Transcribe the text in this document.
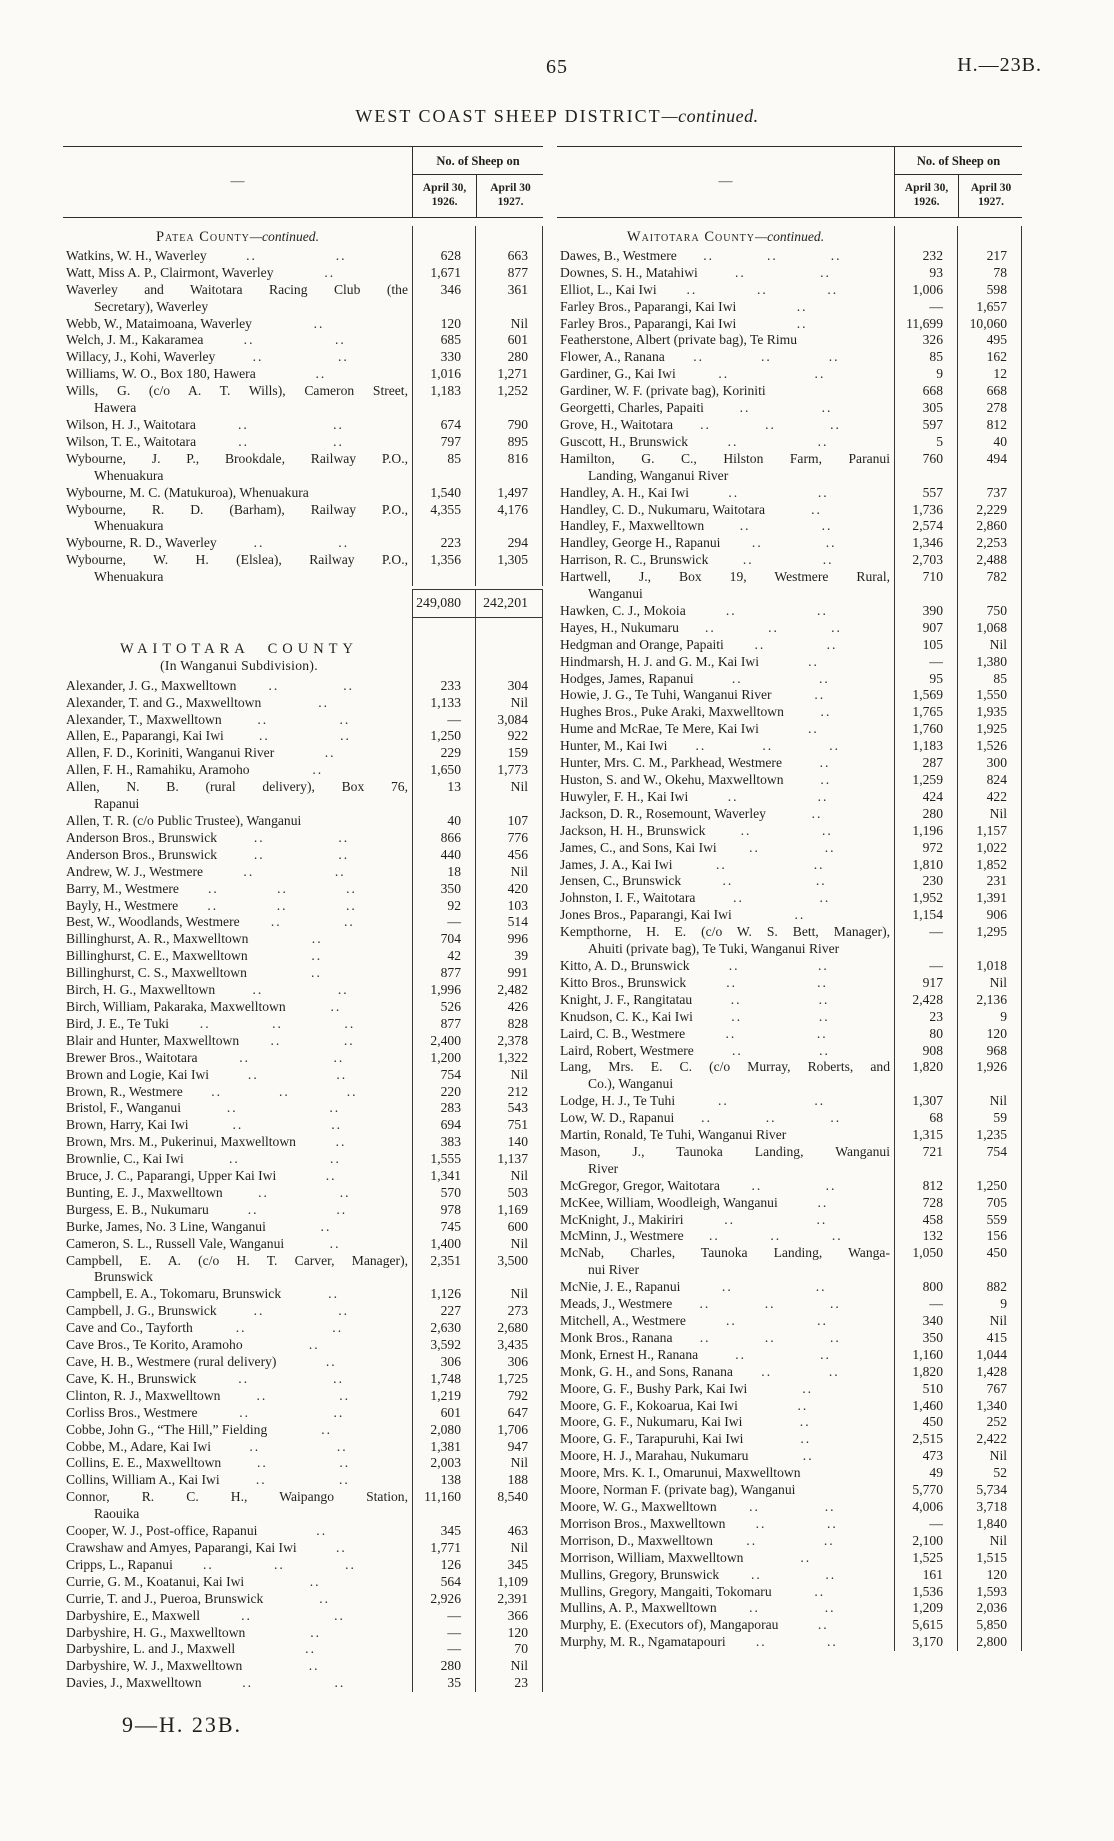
65	H.—23B.
WEST COAST SHEEP DISTRICT—continued.
—
No. of Sheep on
April 30,
1926.
April 30
1927.
Patea County—continued.
Watkins, W. H., Waverley	..	..	628	663
Watt, Miss A. P., Clairmont, Waverley	..	1,671	877
Waverley and Waitotara Racing Club (the
Secretary), Waverley
346	361
Webb, W., Mataimoana, Waverley	..	120	Nil
Welch, J. M., Kakaramea	..	..	685	601
Willacy, J., Kohi, Waverley	..	..	330	280
Williams, W. O., Box 180, Hawera	..	1,016	1,271
Wills, G. (c/o A. T. Wills), Cameron Street,
Hawera
1,183	1,252
Wilson, H. J., Waitotara	..	..	674	790
Wilson, T. E., Waitotara	..	..	797	895
Wybourne, J. P., Brookdale, Railway P.O.,
Whenuakura
85	816
Wybourne, M. C. (Matukuroa), Whenuakura	1,540	1,497
Wybourne, R. D. (Barham), Railway P.O.,
Whenuakura
4,355	4,176
Wybourne, R. D., Waverley	..	..	223	294
Wybourne, W. H. (Elslea), Railway P.O.,
Whenuakura
1,356	1,305
249,080	242,201
WAITOTARA COUNTY
(In Wanganui Subdivision).
Alexander, J. G., Maxwelltown	..	..	233	304
Alexander, T. and G., Maxwelltown	..	1,133	Nil
Alexander, T., Maxwelltown	..	..	—	3,084
Allen, E., Paparangi, Kai Iwi	..	..	1,250	922
Allen, F. D., Koriniti, Wanganui River	..	229	159
Allen, F. H., Ramahiku, Aramoho	..	1,650	1,773
Allen, N. B. (rural delivery), Box 76,
Rapanui
13	Nil
Allen, T. R. (c/o Public Trustee), Wanganui	40	107
Anderson Bros., Brunswick	..	..	866	776
Anderson Bros., Brunswick	..	..	440	456
Andrew, W. J., Westmere	..	..	18	Nil
Barry, M., Westmere	..	..	..	350	420
Bayly, H., Westmere	..	..	..	92	103
Best, W., Woodlands, Westmere	..	..	—	514
Billinghurst, A. R., Maxwelltown	..	704	996
Billinghurst, C. E., Maxwelltown	..	42	39
Billinghurst, C. S., Maxwelltown	..	877	991
Birch, H. G., Maxwelltown	..	..	1,996	2,482
Birch, William, Pakaraka, Maxwelltown	..	526	426
Bird, J. E., Te Tuki	..	..	..	877	828
Blair and Hunter, Maxwelltown	..	..	2,400	2,378
Brewer Bros., Waitotara	..	..	1,200	1,322
Brown and Logie, Kai Iwi	..	..	754	Nil
Brown, R., Westmere	..	..	..	220	212
Bristol, F., Wanganui	..	..	283	543
Brown, Harry, Kai Iwi	..	..	694	751
Brown, Mrs. M., Pukerinui, Maxwelltown	..	383	140
Brownlie, C., Kai Iwi	..	..	1,555	1,137
Bruce, J. C., Paparangi, Upper Kai Iwi	..	1,341	Nil
Bunting, E. J., Maxwelltown	..	..	570	503
Burgess, E. B., Nukumaru	..	..	978	1,169
Burke, James, No. 3 Line, Wanganui	..	745	600
Cameron, S. L., Russell Vale, Wanganui	..	1,400	Nil
Campbell, E. A. (c/o H. T. Carver, Manager),
Brunswick
2,351	3,500
Campbell, E. A., Tokomaru, Brunswick	..	1,126	Nil
Campbell, J. G., Brunswick	..	..	227	273
Cave and Co., Tayforth	..	..	2,630	2,680
Cave Bros., Te Korito, Aramoho	..	3,592	3,435
Cave, H. B., Westmere (rural delivery)	..	306	306
Cave, K. H., Brunswick	..	..	1,748	1,725
Clinton, R. J., Maxwelltown	..	..	1,219	792
Corliss Bros., Westmere	..	..	601	647
Cobbe, John G., “The Hill,” Fielding	..	2,080	1,706
Cobbe, M., Adare, Kai Iwi	..	..	1,381	947
Collins, E. E., Maxwelltown	..	..	2,003	Nil
Collins, William A., Kai Iwi	..	..	138	188
Connor, R. C. H., Waipango Station,
Raouika
11,160	8,540
Cooper, W. J., Post-office, Rapanui	..	345	463
Crawshaw and Amyes, Paparangi, Kai Iwi	..	1,771	Nil
Cripps, L., Rapanui	..	..	..	126	345
Currie, G. M., Koatanui, Kai Iwi	..	564	1,109
Currie, T. and J., Pueroa, Brunswick	..	2,926	2,391
Darbyshire, E., Maxwell	..	..	—	366
Darbyshire, H. G., Maxwelltown	..	—	120
Darbyshire, L. and J., Maxwell	..	—	70
Darbyshire, W. J., Maxwelltown	..	280	Nil
Davies, J., Maxwelltown	..	..	35	23
—
No. of Sheep on
April 30,
1926.
April 30
1927.
Waitotara County—continued.
Dawes, B., Westmere	..	..	..	232	217
Downes, S. H., Matahiwi	..	..	93	78
Elliot, L., Kai Iwi	..	..	..	1,006	598
Farley Bros., Paparangi, Kai Iwi	..	—	1,657
Farley Bros., Paparangi, Kai Iwi	..	11,699	10,060
Featherstone, Albert (private bag), Te Rimu	326	495
Flower, A., Ranana	..	..	..	85	162
Gardiner, G., Kai Iwi	..	..	9	12
Gardiner, W. F. (private bag), Koriniti	668	668
Georgetti, Charles, Papaiti	..	..	305	278
Grove, H., Waitotara	..	..	..	597	812
Guscott, H., Brunswick	..	..	5	40
Hamilton, G. C., Hilston Farm, Paranui
Landing, Wanganui River
760	494
Handley, A. H., Kai Iwi	..	..	557	737
Handley, C. D., Nukumaru, Waitotara	..	1,736	2,229
Handley, F., Maxwelltown	..	..	2,574	2,860
Handley, George H., Rapanui	..	..	1,346	2,253
Harrison, R. C., Brunswick	..	..	2,703	2,488
Hartwell, J., Box 19, Westmere Rural,
Wanganui
710	782
Hawken, C. J., Mokoia	..	..	390	750
Hayes, H., Nukumaru	..	..	..	907	1,068
Hedgman and Orange, Papaiti	..	..	105	Nil
Hindmarsh, H. J. and G. M., Kai Iwi	..	—	1,380
Hodges, James, Rapanui	..	..	95	85
Howie, J. G., Te Tuhi, Wanganui River	..	1,569	1,550
Hughes Bros., Puke Araki, Maxwelltown	..	1,765	1,935
Hume and McRae, Te Mere, Kai Iwi	..	1,760	1,925
Hunter, M., Kai Iwi	..	..	..	1,183	1,526
Hunter, Mrs. C. M., Parkhead, Westmere	..	287	300
Huston, S. and W., Okehu, Maxwelltown	..	1,259	824
Huwyler, F. H., Kai Iwi	..	..	424	422
Jackson, D. R., Rosemount, Waverley	..	280	Nil
Jackson, H. H., Brunswick	..	..	1,196	1,157
James, C., and Sons, Kai Iwi	..	..	972	1,022
James, J. A., Kai Iwi	..	..	1,810	1,852
Jensen, C., Brunswick	..	..	230	231
Johnston, I. F., Waitotara	..	..	1,952	1,391
Jones Bros., Paparangi, Kai Iwi	..	1,154	906
Kempthorne, H. E. (c/o W. S. Bett, Manager),
Ahuiti (private bag), Te Tuki, Wanganui River
—	1,295
Kitto, A. D., Brunswick	..	..	—	1,018
Kitto Bros., Brunswick	..	..	917	Nil
Knight, J. F., Rangitatau	..	..	2,428	2,136
Knudson, C. K., Kai Iwi	..	..	23	9
Laird, C. B., Westmere	..	..	80	120
Laird, Robert, Westmere	..	..	908	968
Lang, Mrs. E. C. (c/o Murray, Roberts, and
Co.), Wanganui
1,820	1,926
Lodge, H. J., Te Tuhi	..	..	1,307	Nil
Low, W. D., Rapanui	..	..	..	68	59
Martin, Ronald, Te Tuhi, Wanganui River	1,315	1,235
Mason, J., Taunoka Landing, Wanganui
River
721	754
McGregor, Gregor, Waitotara	..	..	812	1,250
McKee, William, Woodleigh, Wanganui	..	728	705
McKnight, J., Makiriri	..	..	458	559
McMinn, J., Westmere	..	..	..	132	156
McNab, Charles, Taunoka Landing, Wanga-
nui River
1,050	450
McNie, J. E., Rapanui	..	..	800	882
Meads, J., Westmere	..	..	..	—	9
Mitchell, A., Westmere	..	..	340	Nil
Monk Bros., Ranana	..	..	..	350	415
Monk, Ernest H., Ranana	..	..	1,160	1,044
Monk, G. H., and Sons, Ranana	..	..	1,820	1,428
Moore, G. F., Bushy Park, Kai Iwi	..	510	767
Moore, G. F., Kokoarua, Kai Iwi	..	1,460	1,340
Moore, G. F., Nukumaru, Kai Iwi	..	450	252
Moore, G. F., Tarapuruhi, Kai Iwi	..	2,515	2,422
Moore, H. J., Marahau, Nukumaru	..	473	Nil
Moore, Mrs. K. I., Omarunui, Maxwelltown	49	52
Moore, Norman F. (private bag), Wanganui	5,770	5,734
Moore, W. G., Maxwelltown	..	..	4,006	3,718
Morrison Bros., Maxwelltown	..	..	—	1,840
Morrison, D., Maxwelltown	..	..	2,100	Nil
Morrison, William, Maxwelltown	..	1,525	1,515
Mullins, Gregory, Brunswick	..	..	161	120
Mullins, Gregory, Mangaiti, Tokomaru	..	1,536	1,593
Mullins, A. P., Maxwelltown	..	..	1,209	2,036
Murphy, E. (Executors of), Mangaporau	..	5,615	5,850
Murphy, M. R., Ngamatapouri	..	..	3,170	2,800
9—H. 23B.
